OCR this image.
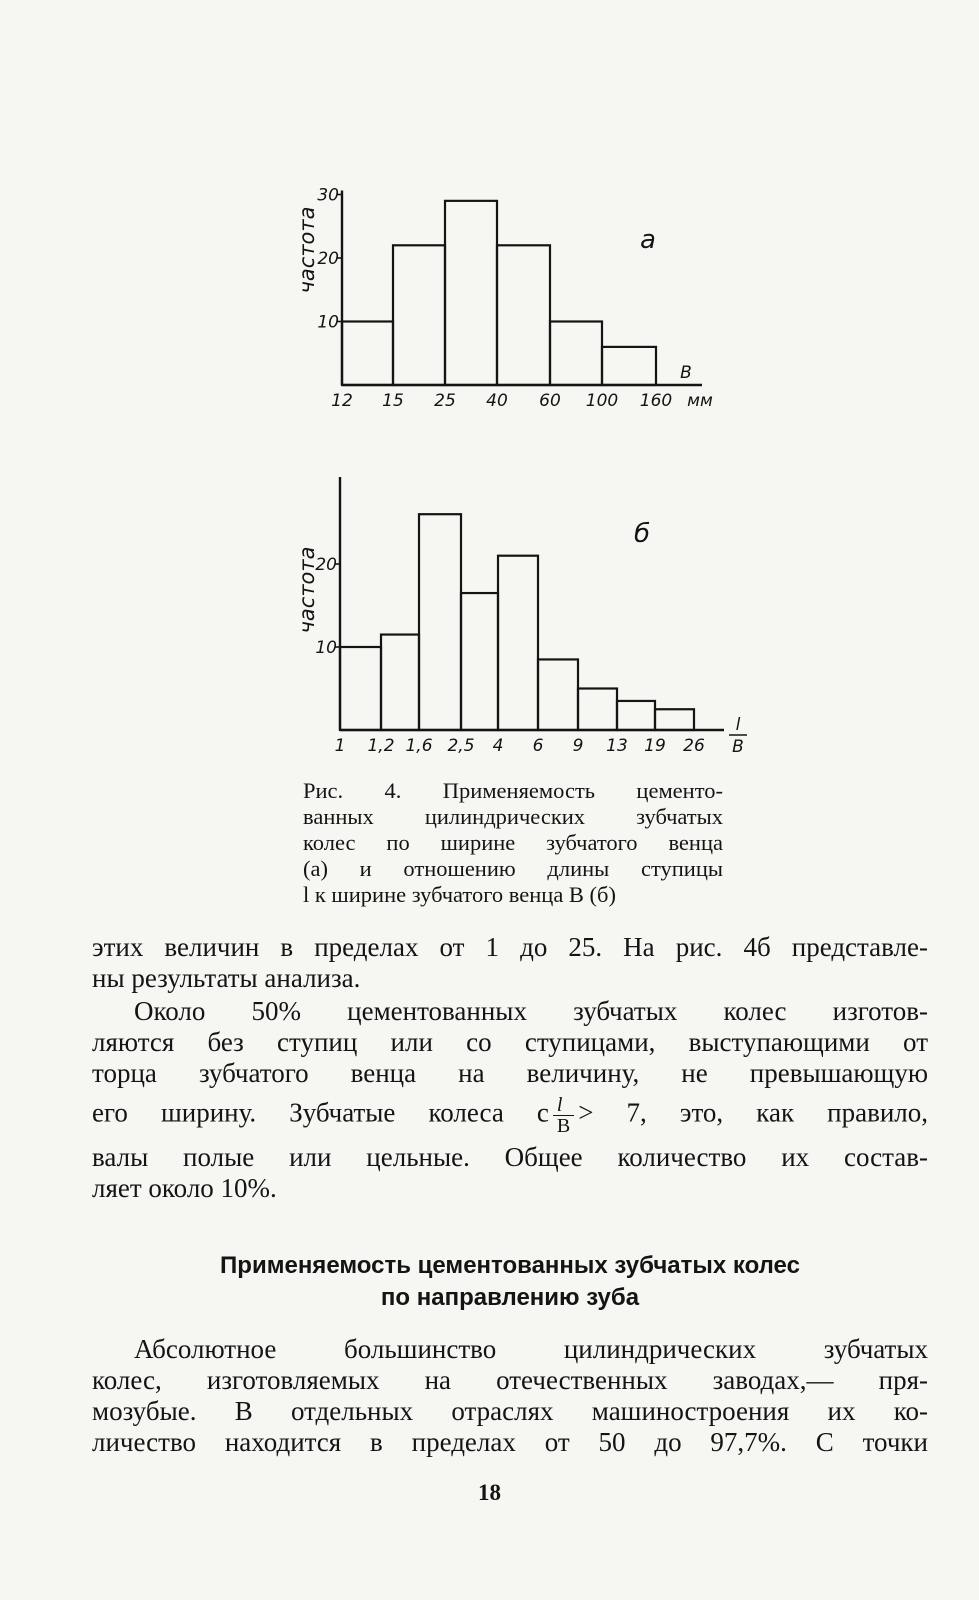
10
20
30
12 15 25 40 60 100 160
частота	а
B
мм
10
20
1 1,2 1,6 2,5 4 6 9 13 19 26
частота
б
l
B
Рис. 4. Применяемость цементо-
ванных цилиндрических зубчатых
колес по ширине зубчатого венца
(а) и отношению длины ступицы
l к ширине зубчатого венца В (б)
этих величин в пределах от 1 до 25. На рис. 4б представле-
ны результаты анализа.
Около 50% цементованных зубчатых колес изготов-
ляются без ступиц или со ступицами, выступающими от
торца зубчатого венца на величину, не превышающую
его ширину. Зубчатые колеса с $\frac{l}{B} > 7$, это, как правило,
валы полые или цельные. Общее количество их состав-
ляет около 10%.
Применяемость цементованных зубчатых колес
по направлению зуба
Абсолютное большинство цилиндрических зубчатых
колес, изготовляемых на отечественных заводах,— пря-
мозубые. В отдельных отраслях машиностроения их ко-
личество находится в пределах от 50 до 97,7%. С точки
18
